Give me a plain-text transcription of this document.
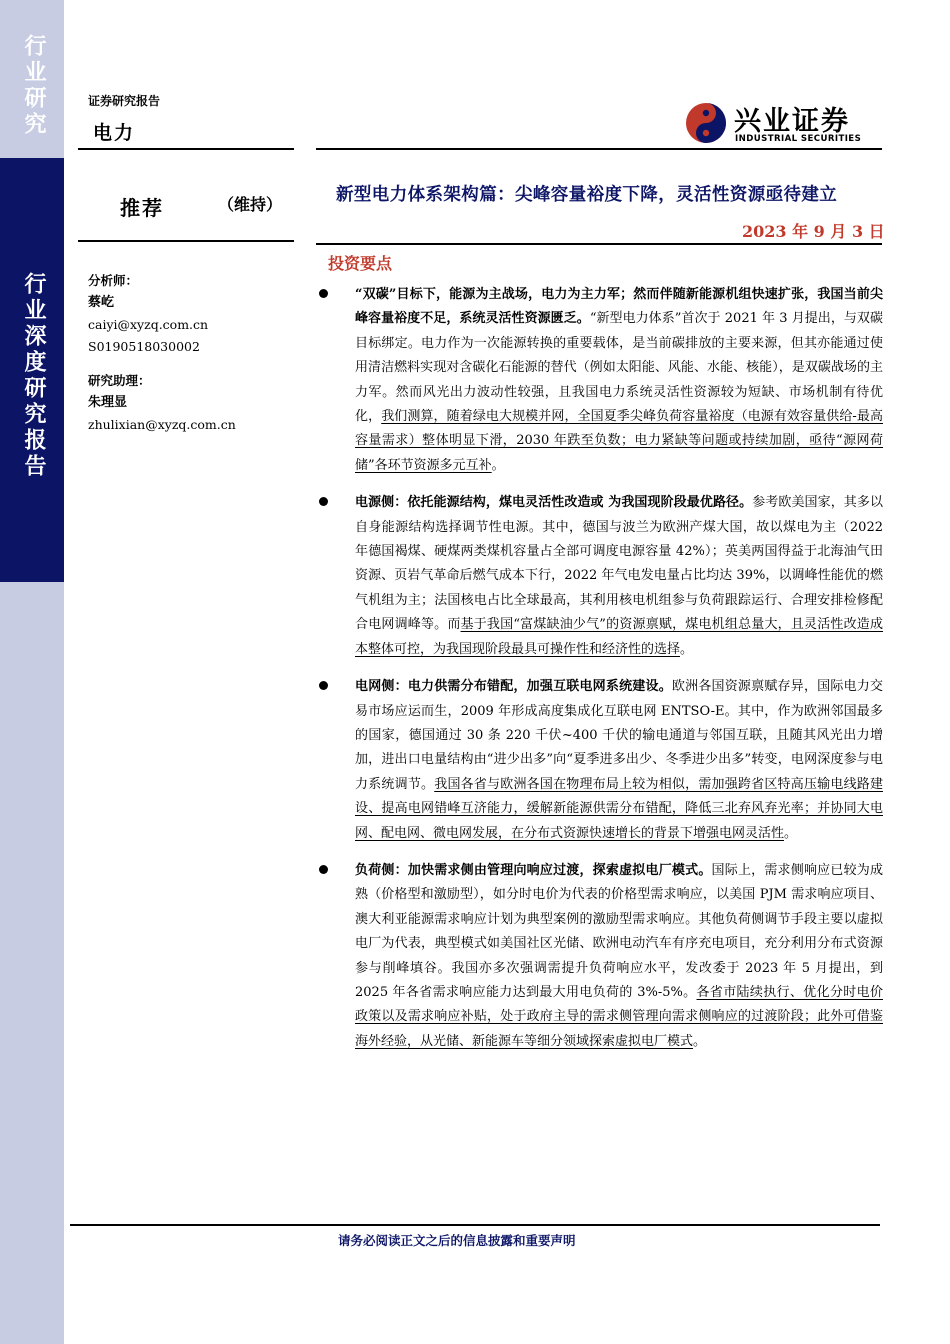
行业研究
行业深度研究报告
证券研究报告
电力	兴业证券
INDUSTRIAL SECURITIES
推荐	（维持）	新型电力体系架构篇：尖峰容量裕度下降，灵活性资源亟待建立
2023 年 9 月 3 日
投资要点
分析师：
蔡屹
caiyi@xyzq.com.cn
S0190518030002
研究助理：
朱理显
zhulixian@xyzq.com.cn
“双碳”目标下，能源为主战场，电力为主力军；然而伴随新能源机组快速扩张，我国当前尖峰容量裕度不足，系统灵活性资源匮乏。“新型电力体系”首次于 2021 年 3 月提出，与双碳目标绑定。电力作为一次能源转换的重要载体，是当前碳排放的主要来源，但其亦能通过使用清洁燃料实现对含碳化石能源的替代（例如太阳能、风能、水能、核能），是双碳战场的主力军。然而风光出力波动性较强，且我国电力系统灵活性资源较为短缺、市场机制有待优化，我们测算，随着绿电大规模并网，全国夏季尖峰负荷容量裕度（电源有效容量供给-最高容量需求）整体明显下滑，2030 年跌至负数；电力紧缺等问题或持续加剧，亟待“源网荷储”各环节资源多元互补。
电源侧：依托能源结构，煤电灵活性改造或 为我国现阶段最优路径。参考欧美国家，其多以自身能源结构选择调节性电源。其中，德国与波兰为欧洲产煤大国，故以煤电为主（2022 年德国褐煤、硬煤两类煤机容量占全部可调度电源容量 42%）；英美两国得益于北海油气田资源、页岩气革命后燃气成本下行，2022 年气电发电量占比均达 39%，以调峰性能优的燃气机组为主；法国核电占比全球最高，其利用核电机组参与负荷跟踪运行、合理安排检修配合电网调峰等。而基于我国“富煤缺油少气”的资源禀赋，煤电机组总量大，且灵活性改造成本整体可控，为我国现阶段最具可操作性和经济性的选择。
电网侧：电力供需分布错配，加强互联电网系统建设。欧洲各国资源禀赋存异，国际电力交易市场应运而生，2009 年形成高度集成化互联电网 ENTSO-E。其中，作为欧洲邻国最多的国家，德国通过 30 条 220 千伏~400 千伏的输电通道与邻国互联，且随其风光出力增加，进出口电量结构由“进少出多”向“夏季进多出少、冬季进少出多”转变，电网深度参与电力系统调节。我国各省与欧洲各国在物理布局上较为相似，需加强跨省区特高压输电线路建设、提高电网错峰互济能力，缓解新能源供需分布错配，降低三北弃风弃光率；并协同大电网、配电网、微电网发展，在分布式资源快速增长的背景下增强电网灵活性。
负荷侧：加快需求侧由管理向响应过渡，探索虚拟电厂模式。国际上，需求侧响应已较为成熟（价格型和激励型），如分时电价为代表的价格型需求响应，以美国 PJM 需求响应项目、澳大利亚能源需求响应计划为典型案例的激励型需求响应。其他负荷侧调节手段主要以虚拟电厂为代表，典型模式如美国社区光储、欧洲电动汽车有序充电项目，充分利用分布式资源参与削峰填谷。我国亦多次强调需提升负荷响应水平，发改委于 2023 年 5 月提出，到 2025 年各省需求响应能力达到最大用电负荷的 3%-5%。各省市陆续执行、优化分时电价政策以及需求响应补贴，处于政府主导的需求侧管理向需求侧响应的过渡阶段；此外可借鉴海外经验，从光储、新能源车等细分领域探索虚拟电厂模式。
请务必阅读正文之后的信息披露和重要声明
